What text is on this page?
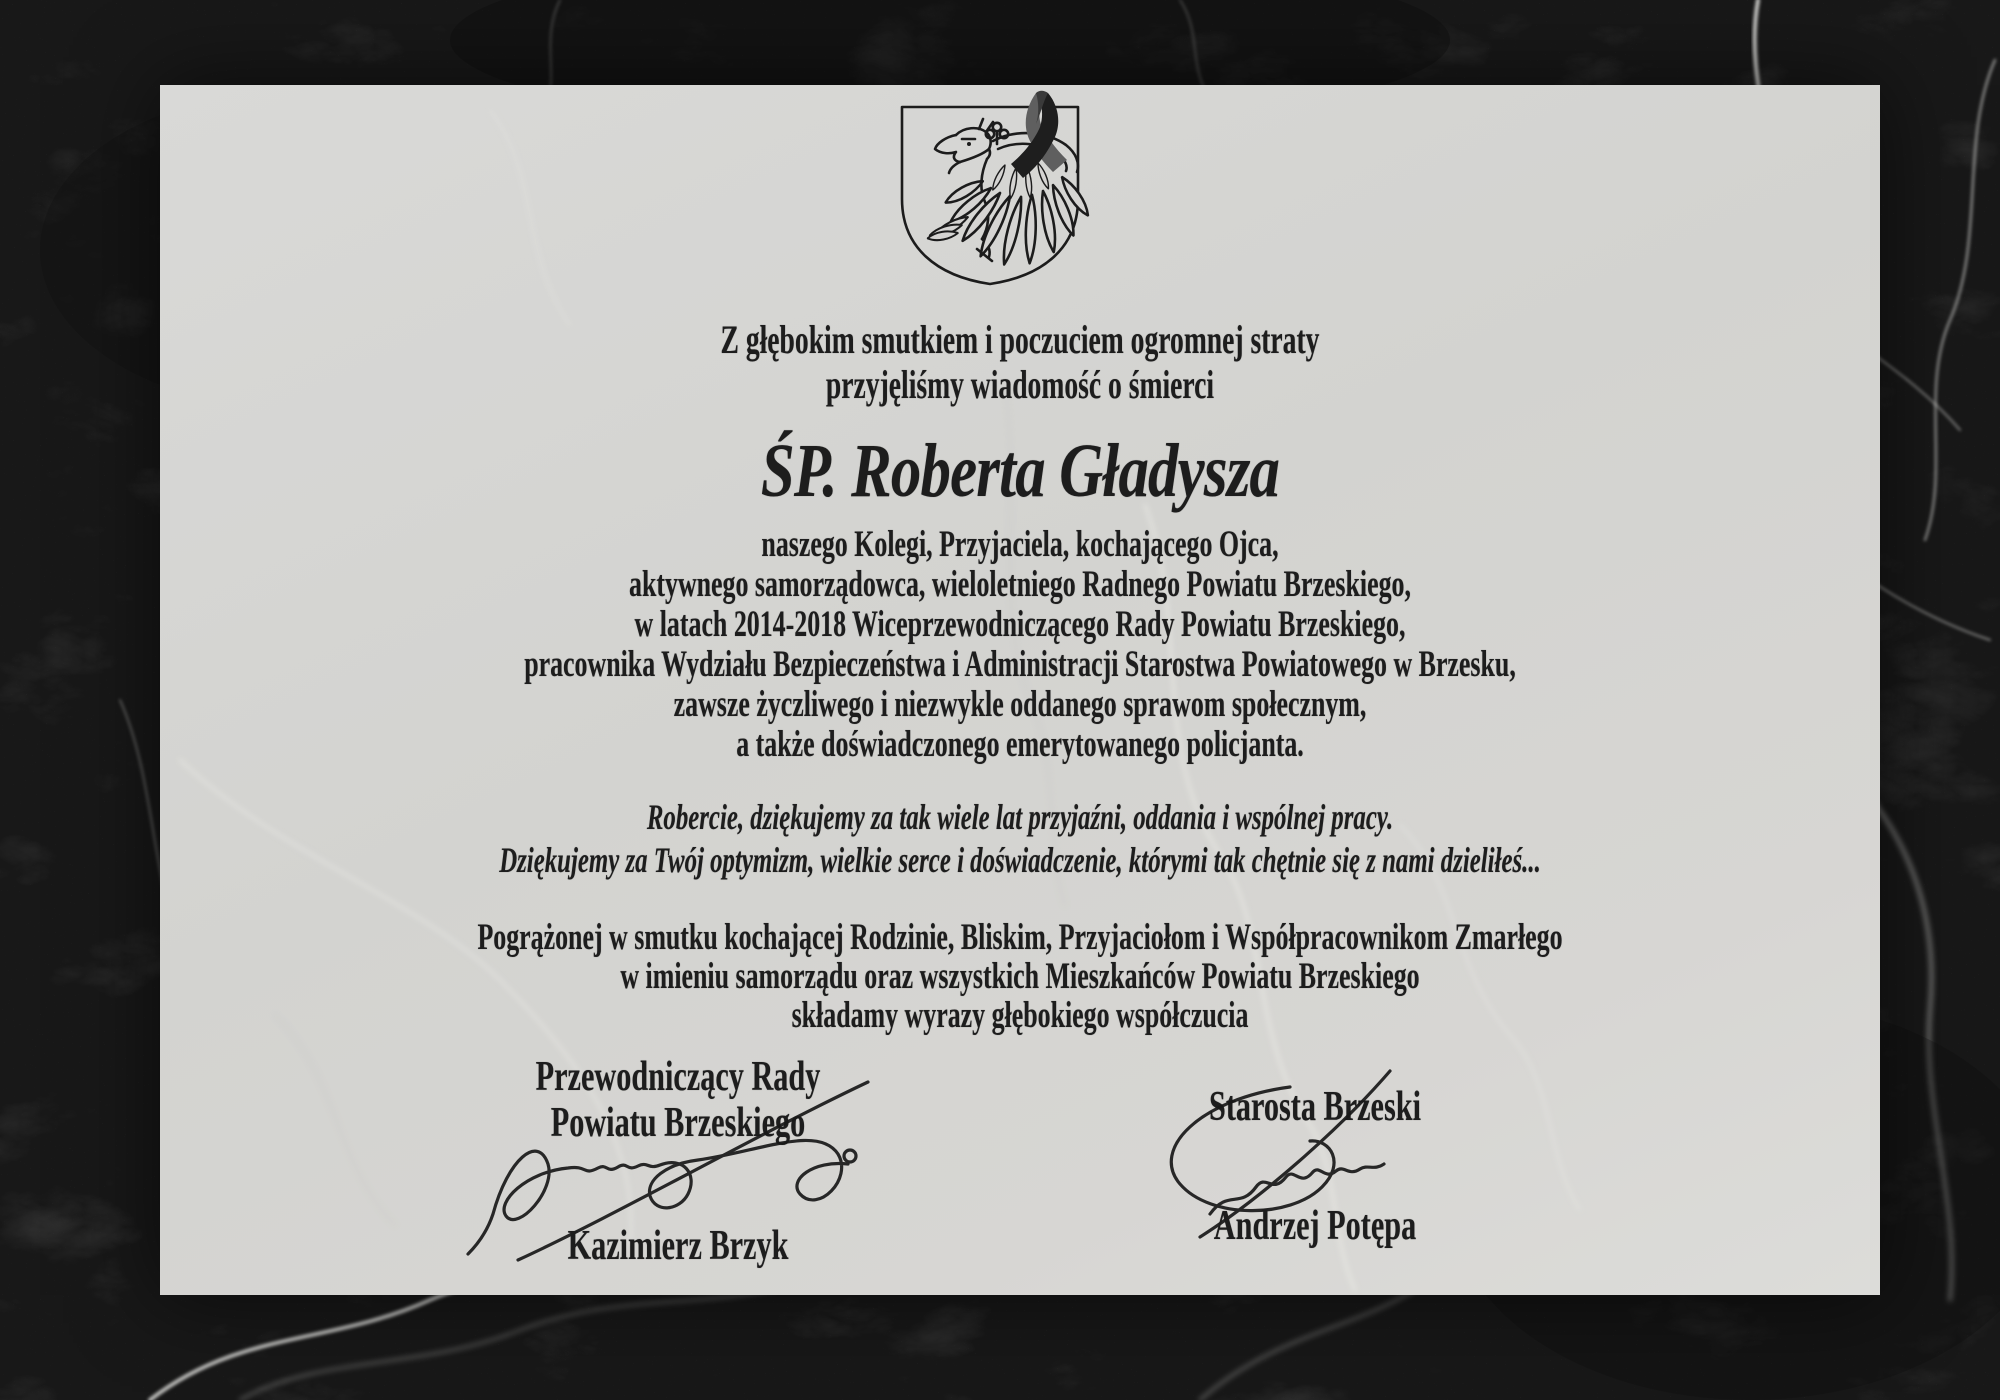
Z głębokim smutkiem i poczuciem ogromnej straty
przyjęliśmy wiadomość o śmierci
ŚP. Roberta Gładysza
naszego Kolegi, Przyjaciela, kochającego Ojca,
aktywnego samorządowca, wieloletniego Radnego Powiatu Brzeskiego,
w latach 2014-2018 Wiceprzewodniczącego Rady Powiatu Brzeskiego,
pracownika Wydziału Bezpieczeństwa i Administracji Starostwa Powiatowego w Brzesku,
zawsze życzliwego i niezwykle oddanego sprawom społecznym,
a także doświadczonego emerytowanego policjanta.
Robercie, dziękujemy za tak wiele lat przyjaźni, oddania i wspólnej pracy.
Dziękujemy za Twój optymizm, wielkie serce i doświadczenie, którymi tak chętnie się z nami dzieliłeś...
Pogrążonej w smutku kochającej Rodzinie, Bliskim, Przyjaciołom i Współpracownikom Zmarłego
w imieniu samorządu oraz wszystkich Mieszkańców Powiatu Brzeskiego
składamy wyrazy głębokiego współczucia
Przewodniczący Rady
Powiatu Brzeskiego
Kazimierz Brzyk
Starosta Brzeski
Andrzej Potępa
